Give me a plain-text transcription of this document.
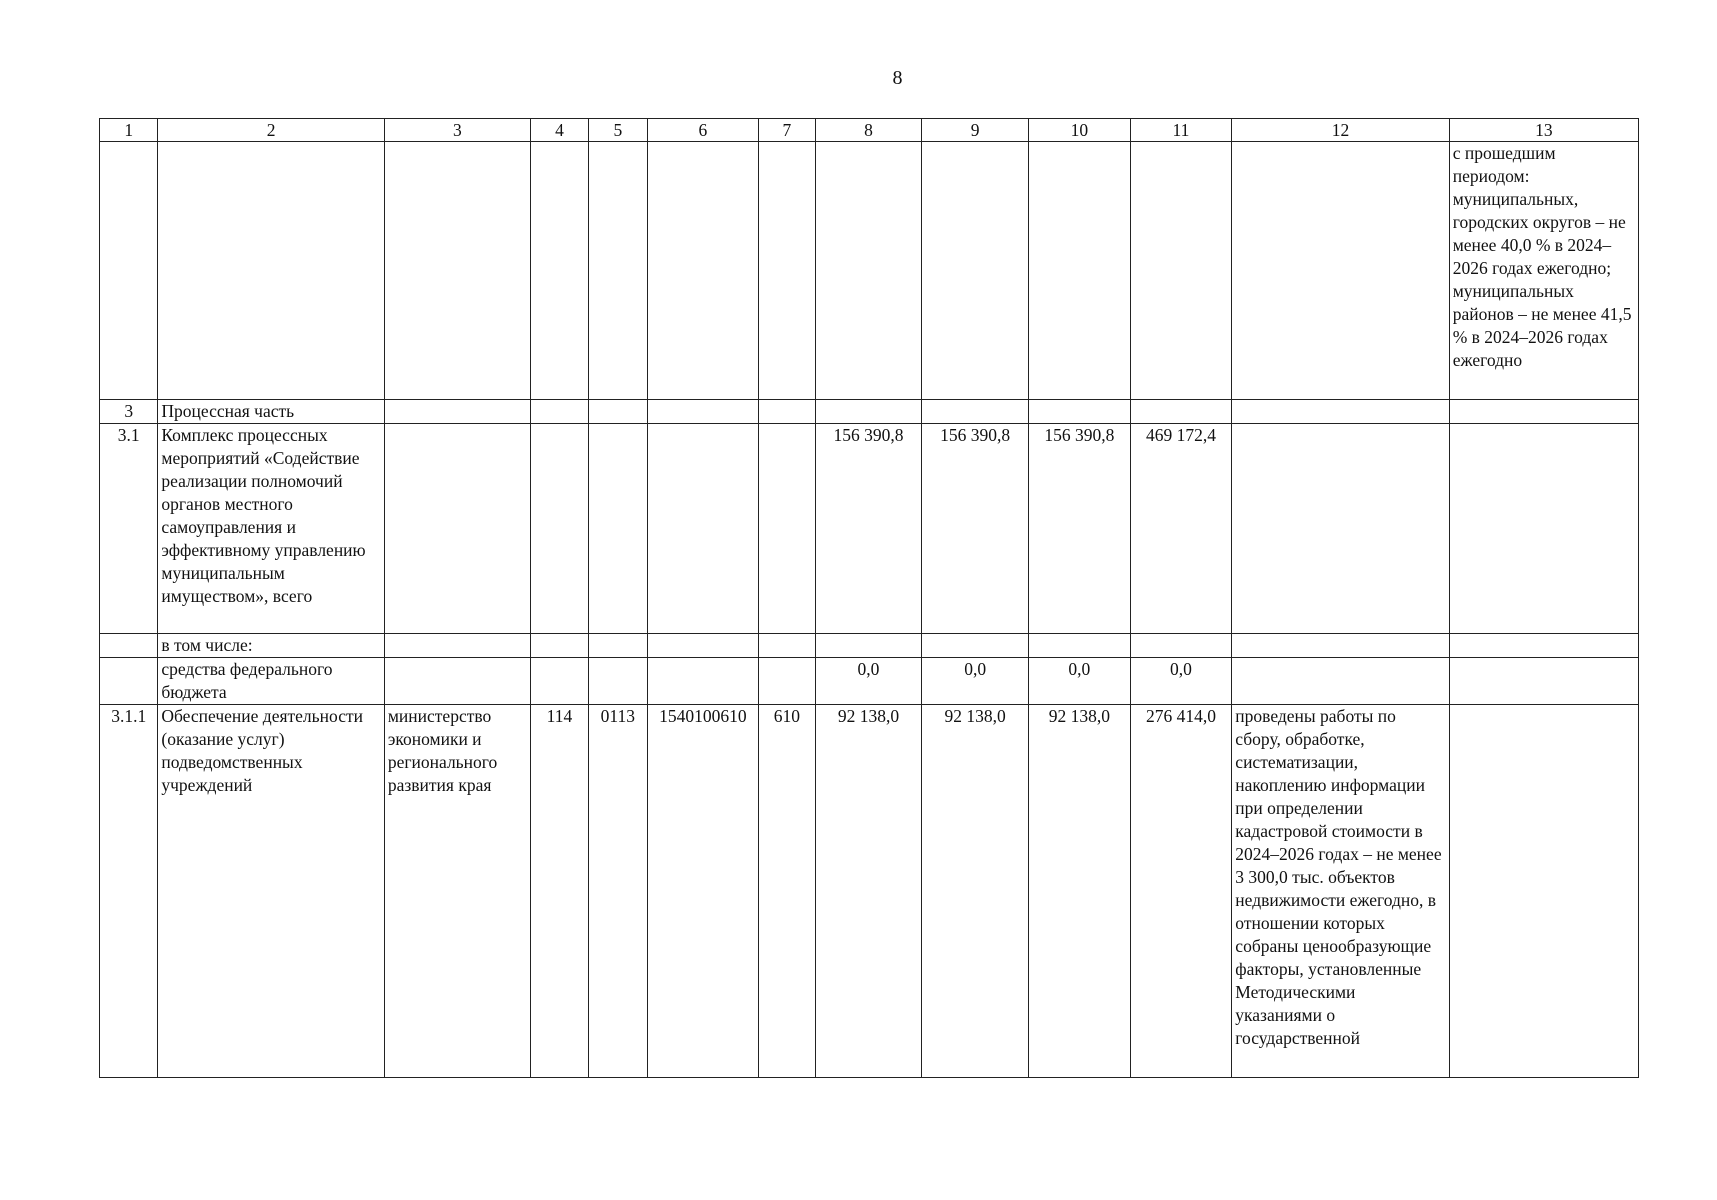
8
1	2	3	4	5	6	7	8	9	10	11	12	13
												с прошедшим периодом: муниципальных, городских округов – не менее 40,0 % в 2024–2026 годах ежегодно; муниципальных районов – не менее 41,5 % в 2024–2026 годах ежегодно
3	Процессная часть											
3.1	Комплекс процессных мероприятий «Содействие реализации полномочий органов местного самоуправления и эффективному управлению муниципальным имуществом», всего						156 390,8	156 390,8	156 390,8	469 172,4		
	в том числе:											
	средства федерального бюджета						0,0	0,0	0,0	0,0		
3.1.1	Обеспечение деятельности (оказание услуг) подведомственных учреждений	министерство экономики и регионального развития края	114	0113	1540100610	610	92 138,0	92 138,0	92 138,0	276 414,0	проведены работы по сбору, обработке, систематизации, накоплению информации при определении кадастровой стоимости в 2024–2026 годах – не менее 3 300,0 тыс. объектов недвижимости ежегодно, в отношении которых собраны ценообразующие факторы, установленные Методическими указаниями о государственной	
